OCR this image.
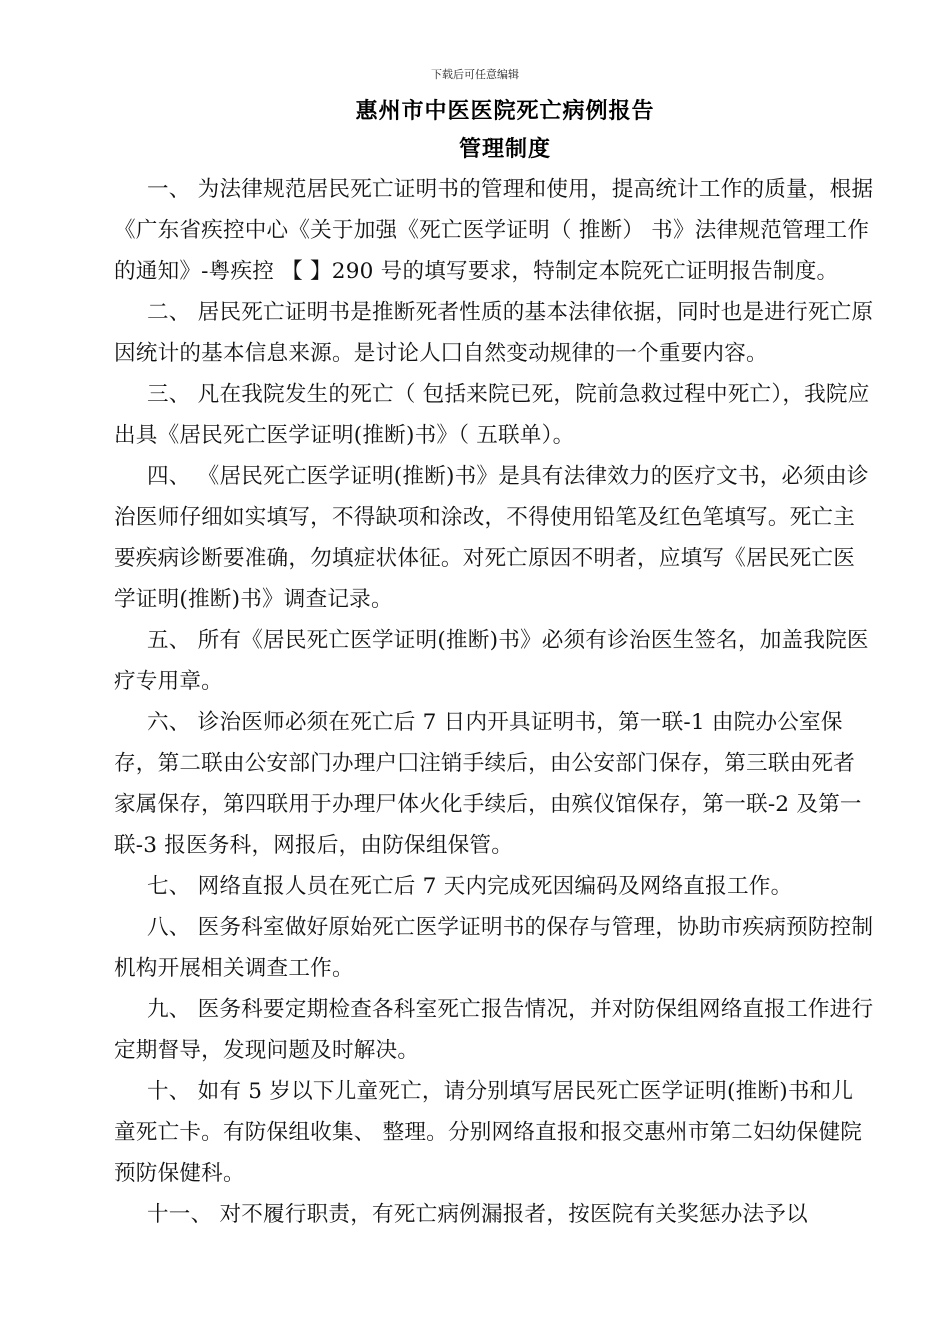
下载后可任意编辑
惠州市中医医院死亡病例报告
管理制度

一、 为法律规范居民死亡证明书的管理和使用，提高统计工作的质量，根据《广东省疾控中心《关于加强《死亡医学证明（ 推断） 书》法律规范管理工作的通知》-粤疾控 【 】290 号的填写要求，特制定本院死亡证明报告制度。

二、 居民死亡证明书是推断死者性质的基本法律依据，同时也是进行死亡原因统计的基本信息来源。是讨论人囗自然变动规律的一个重要内容。

三、 凡在我院发生的死亡（ 包括来院已死，院前急救过程中死亡），我院应出具《居民死亡医学证明(推断)书》（ 五联单）。

四、 《居民死亡医学证明(推断)书》是具有法律效力的医疗文书，必须由诊治医师仔细如实填写，不得缺项和涂改，不得使用铅笔及红色笔填写。死亡主要疾病诊断要准确，勿填症状体征。对死亡原因不明者，应填写《居民死亡医学证明(推断)书》调查记录。

五、 所有《居民死亡医学证明(推断)书》必须有诊治医生签名，加盖我院医疗专用章。

六、 诊治医师必须在死亡后 7 日内开具证明书，第一联-1 由院办公室保存，第二联由公安部门办理户囗注销手续后，由公安部门保存，第三联由死者家属保存，第四联用于办理尸体火化手续后，由殡仪馆保存，第一联-2 及第一联-3 报医务科，网报后，由防保组保管。

七、 网络直报人员在死亡后 7 天内完成死因编码及网络直报工作。

八、 医务科室做好原始死亡医学证明书的保存与管理，协助市疾病预防控制机构开展相关调查工作。

九、 医务科要定期检查各科室死亡报告情况，并对防保组网络直报工作进行定期督导，发现问题及时解决。

十、 如有 5 岁以下儿童死亡，请分别填写居民死亡医学证明(推断)书和儿童死亡卡。有防保组收集、 整理。分别网络直报和报交惠州市第二妇幼保健院预防保健科。

十一、 对不履行职责，有死亡病例漏报者，按医院有关奖惩办法予以
